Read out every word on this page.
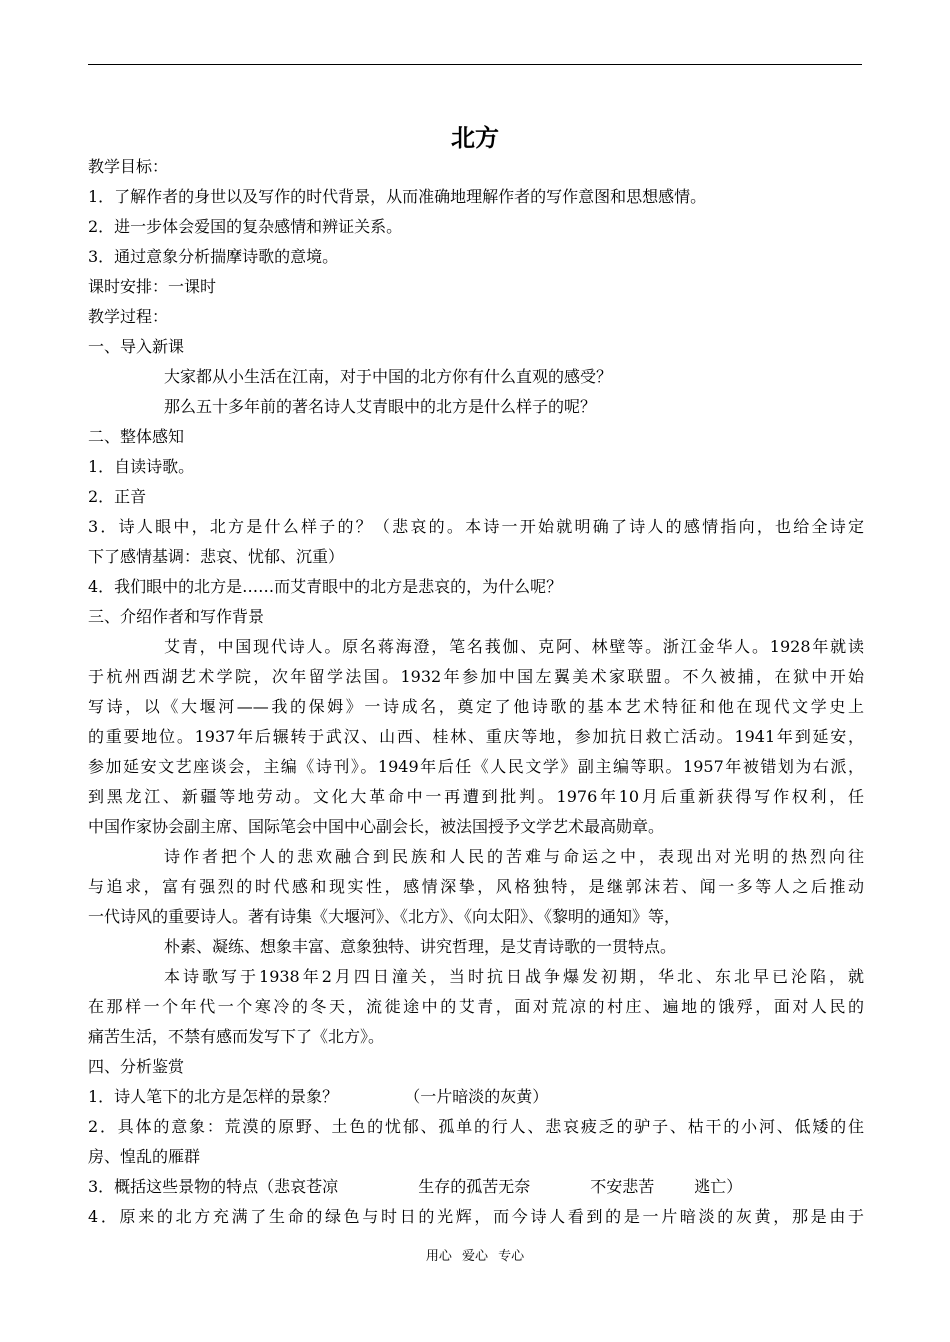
北方
教学目标：
1．了解作者的身世以及写作的时代背景，从而准确地理解作者的写作意图和思想感情。
2．进一步体会爱国的复杂感情和辨证关系。
3．通过意象分析揣摩诗歌的意境。
课时安排：一课时
教学过程：
一、导入新课
大家都从小生活在江南，对于中国的北方你有什么直观的感受？
那么五十多年前的著名诗人艾青眼中的北方是什么样子的呢？
二、整体感知
1．自读诗歌。
2．正音
3．诗人眼中，北方是什么样子的？（悲哀的。本诗一开始就明确了诗人的感情指向，也给全诗定
下了感情基调：悲哀、忧郁、沉重）
4．我们眼中的北方是……而艾青眼中的北方是悲哀的，为什么呢？
三、介绍作者和写作背景
艾青，中国现代诗人。原名蒋海澄，笔名莪伽、克阿、林壁等。浙江金华人。1928年就读
于杭州西湖艺术学院，次年留学法国。1932年参加中国左翼美术家联盟。不久被捕，在狱中开始
写诗，以《大堰河——我的保姆》一诗成名，奠定了他诗歌的基本艺术特征和他在现代文学史上
的重要地位。1937年后辗转于武汉、山西、桂林、重庆等地，参加抗日救亡活动。1941年到延安，
参加延安文艺座谈会，主编《诗刊》。1949年后任《人民文学》副主编等职。1957年被错划为右派，
到黑龙江、新疆等地劳动。文化大革命中一再遭到批判。1976年10月后重新获得写作权利，任
中国作家协会副主席、国际笔会中国中心副会长，被法国授予文学艺术最高勋章。
诗作者把个人的悲欢融合到民族和人民的苦难与命运之中，表现出对光明的热烈向往
与追求，富有强烈的时代感和现实性，感情深挚，风格独特，是继郭沫若、闻一多等人之后推动
一代诗风的重要诗人。著有诗集《大堰河》、《北方》、《向太阳》、《黎明的通知》等，
朴素、凝练、想象丰富、意象独特、讲究哲理，是艾青诗歌的一贯特点。
本诗歌写于1938年2月四日潼关，当时抗日战争爆发初期，华北、东北早已沦陷，就
在那样一个年代一个寒冷的冬天，流徙途中的艾青，面对荒凉的村庄、遍地的饿殍，面对人民的
痛苦生活，不禁有感而发写下了《北方》。
四、分析鉴赏
1．诗人笔下的北方是怎样的景象？	（一片暗淡的灰黄）
2．具体的意象：荒漠的原野、土色的忧郁、孤单的行人、悲哀疲乏的驴子、枯干的小河、低矮的住
房、惶乱的雁群
3．概括这些景物的特点（悲哀苍凉	生存的孤苦无奈	不安悲苦	逃亡）
4．原来的北方充满了生命的绿色与时日的光辉，而今诗人看到的是一片暗淡的灰黄，那是由于
用心 爱心 专心
